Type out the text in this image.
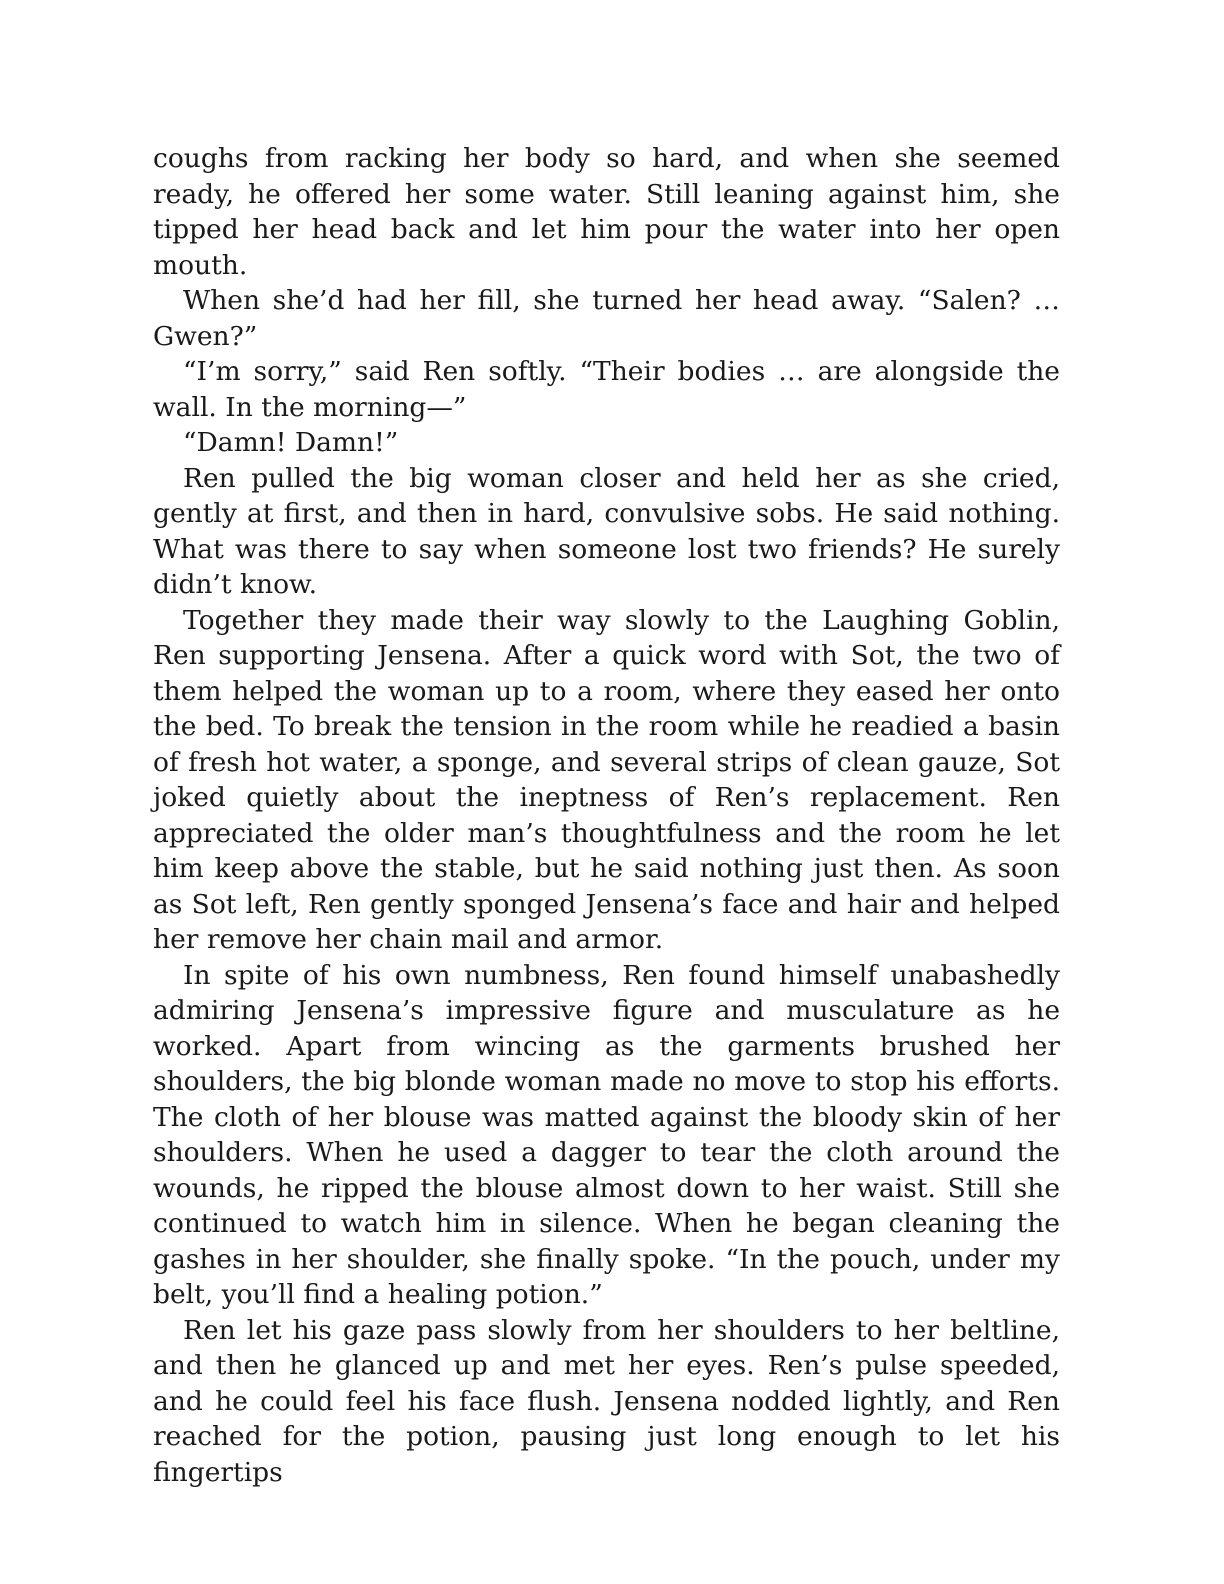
coughs from racking her body so hard, and when she seemed ready, he offered her some water. Still leaning against him, she tipped her head back and let him pour the water into her open mouth.

When she’d had her fill, she turned her head away. “Salen? … Gwen?”

“I’m sorry,” said Ren softly. “Their bodies … are alongside the wall. In the morning—”

“Damn! Damn!”

Ren pulled the big woman closer and held her as she cried, gently at first, and then in hard, convulsive sobs. He said nothing. What was there to say when someone lost two friends? He surely didn’t know.

Together they made their way slowly to the Laughing Goblin, Ren supporting Jensena. After a quick word with Sot, the two of them helped the woman up to a room, where they eased her onto the bed. To break the tension in the room while he readied a basin of fresh hot water, a sponge, and several strips of clean gauze, Sot joked quietly about the ineptness of Ren’s replacement. Ren appreciated the older man’s thoughtfulness and the room he let him keep above the stable, but he said nothing just then. As soon as Sot left, Ren gently sponged Jensena’s face and hair and helped her remove her chain mail and armor.

In spite of his own numbness, Ren found himself unabashedly admiring Jensena’s impressive figure and musculature as he worked. Apart from wincing as the garments brushed her shoulders, the big blonde woman made no move to stop his efforts. The cloth of her blouse was matted against the bloody skin of her shoulders. When he used a dagger to tear the cloth around the wounds, he ripped the blouse almost down to her waist. Still she continued to watch him in silence. When he began cleaning the gashes in her shoulder, she finally spoke. “In the pouch, under my belt, you’ll find a healing potion.”

Ren let his gaze pass slowly from her shoulders to her beltline, and then he glanced up and met her eyes. Ren’s pulse speeded, and he could feel his face flush. Jensena nodded lightly, and Ren reached for the potion, pausing just long enough to let his fingertips
